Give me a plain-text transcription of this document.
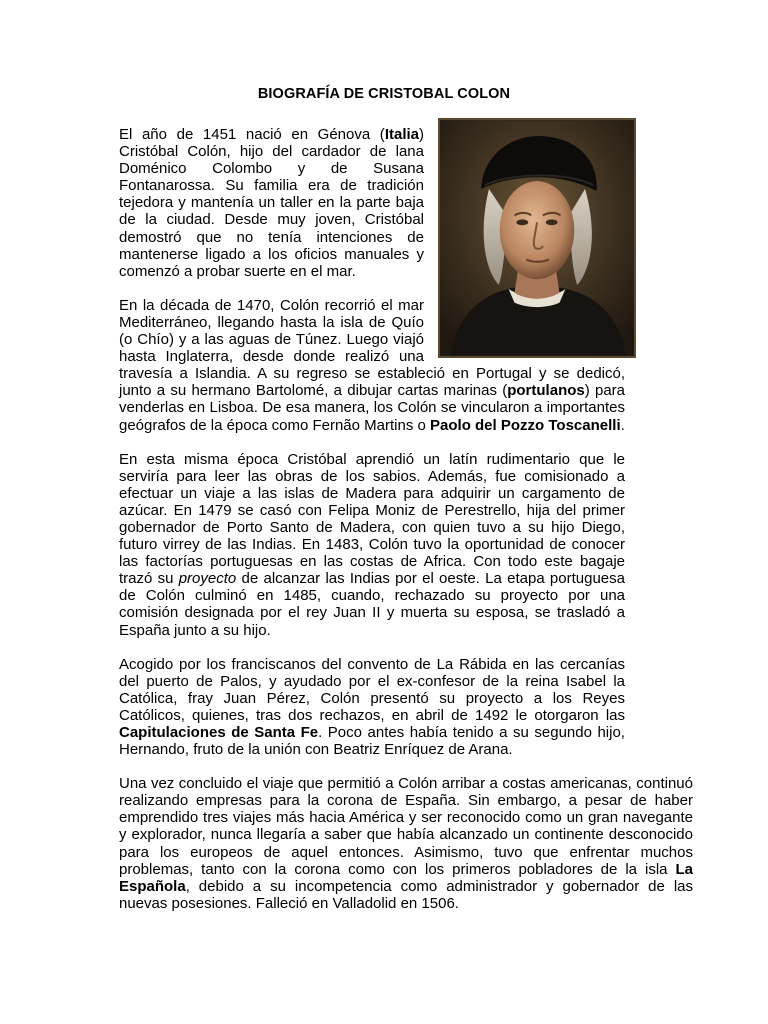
BIOGRAFÍA DE CRISTOBAL COLON

El año de 1451 nació en Génova (Italia) Cristóbal Colón, hijo del cardador de lana Doménico Colombo y de Susana Fontanarossa. Su familia era de tradición tejedora y mantenía un taller en la parte baja de la ciudad. Desde muy joven, Cristóbal demostró que no tenía intenciones de mantenerse ligado a los oficios manuales y comenzó a probar suerte en el mar.

En la década de 1470, Colón recorrió el mar Mediterráneo, llegando hasta la isla de Quío (o Chío) y a las aguas de Túnez. Luego viajó hasta Inglaterra, desde donde realizó una travesía a Islandia. A su regreso se estableció en Portugal y se dedicó, junto a su hermano Bartolomé, a dibujar cartas marinas (portulanos) para venderlas en Lisboa. De esa manera, los Colón se vincularon a importantes geógrafos de la época como Fernão Martins o Paolo del Pozzo Toscanelli.

En esta misma época Cristóbal aprendió un latín rudimentario que le serviría para leer las obras de los sabios. Además, fue comisionado a efectuar un viaje a las islas de Madera para adquirir un cargamento de azúcar. En 1479 se casó con Felipa Moniz de Perestrello, hija del primer gobernador de Porto Santo de Madera, con quien tuvo a su hijo Diego, futuro virrey de las Indias. En 1483, Colón tuvo la oportunidad de conocer las factorías portuguesas en las costas de Africa. Con todo este bagaje trazó su proyecto de alcanzar las Indias por el oeste. La etapa portuguesa de Colón culminó en 1485, cuando, rechazado su proyecto por una comisión designada por el rey Juan II y muerta su esposa, se trasladó a España junto a su hijo.

Acogido por los franciscanos del convento de La Rábida en las cercanías del puerto de Palos, y ayudado por el ex-confesor de la reina Isabel la Católica, fray Juan Pérez, Colón presentó su proyecto a los Reyes Católicos, quienes, tras dos rechazos, en abril de 1492 le otorgaron las Capitulaciones de Santa Fe. Poco antes había tenido a su segundo hijo, Hernando, fruto de la unión con Beatriz Enríquez de Arana.

Una vez concluido el viaje que permitió a Colón arribar a costas americanas, continuó realizando empresas para la corona de España. Sin embargo, a pesar de haber emprendido tres viajes más hacia América y ser reconocido como un gran navegante y explorador, nunca llegaría a saber que había alcanzado un continente desconocido para los europeos de aquel entonces. Asimismo, tuvo que enfrentar muchos problemas, tanto con la corona como con los primeros pobladores de la isla La Española, debido a su incompetencia como administrador y gobernador de las nuevas posesiones. Falleció en Valladolid en 1506.
